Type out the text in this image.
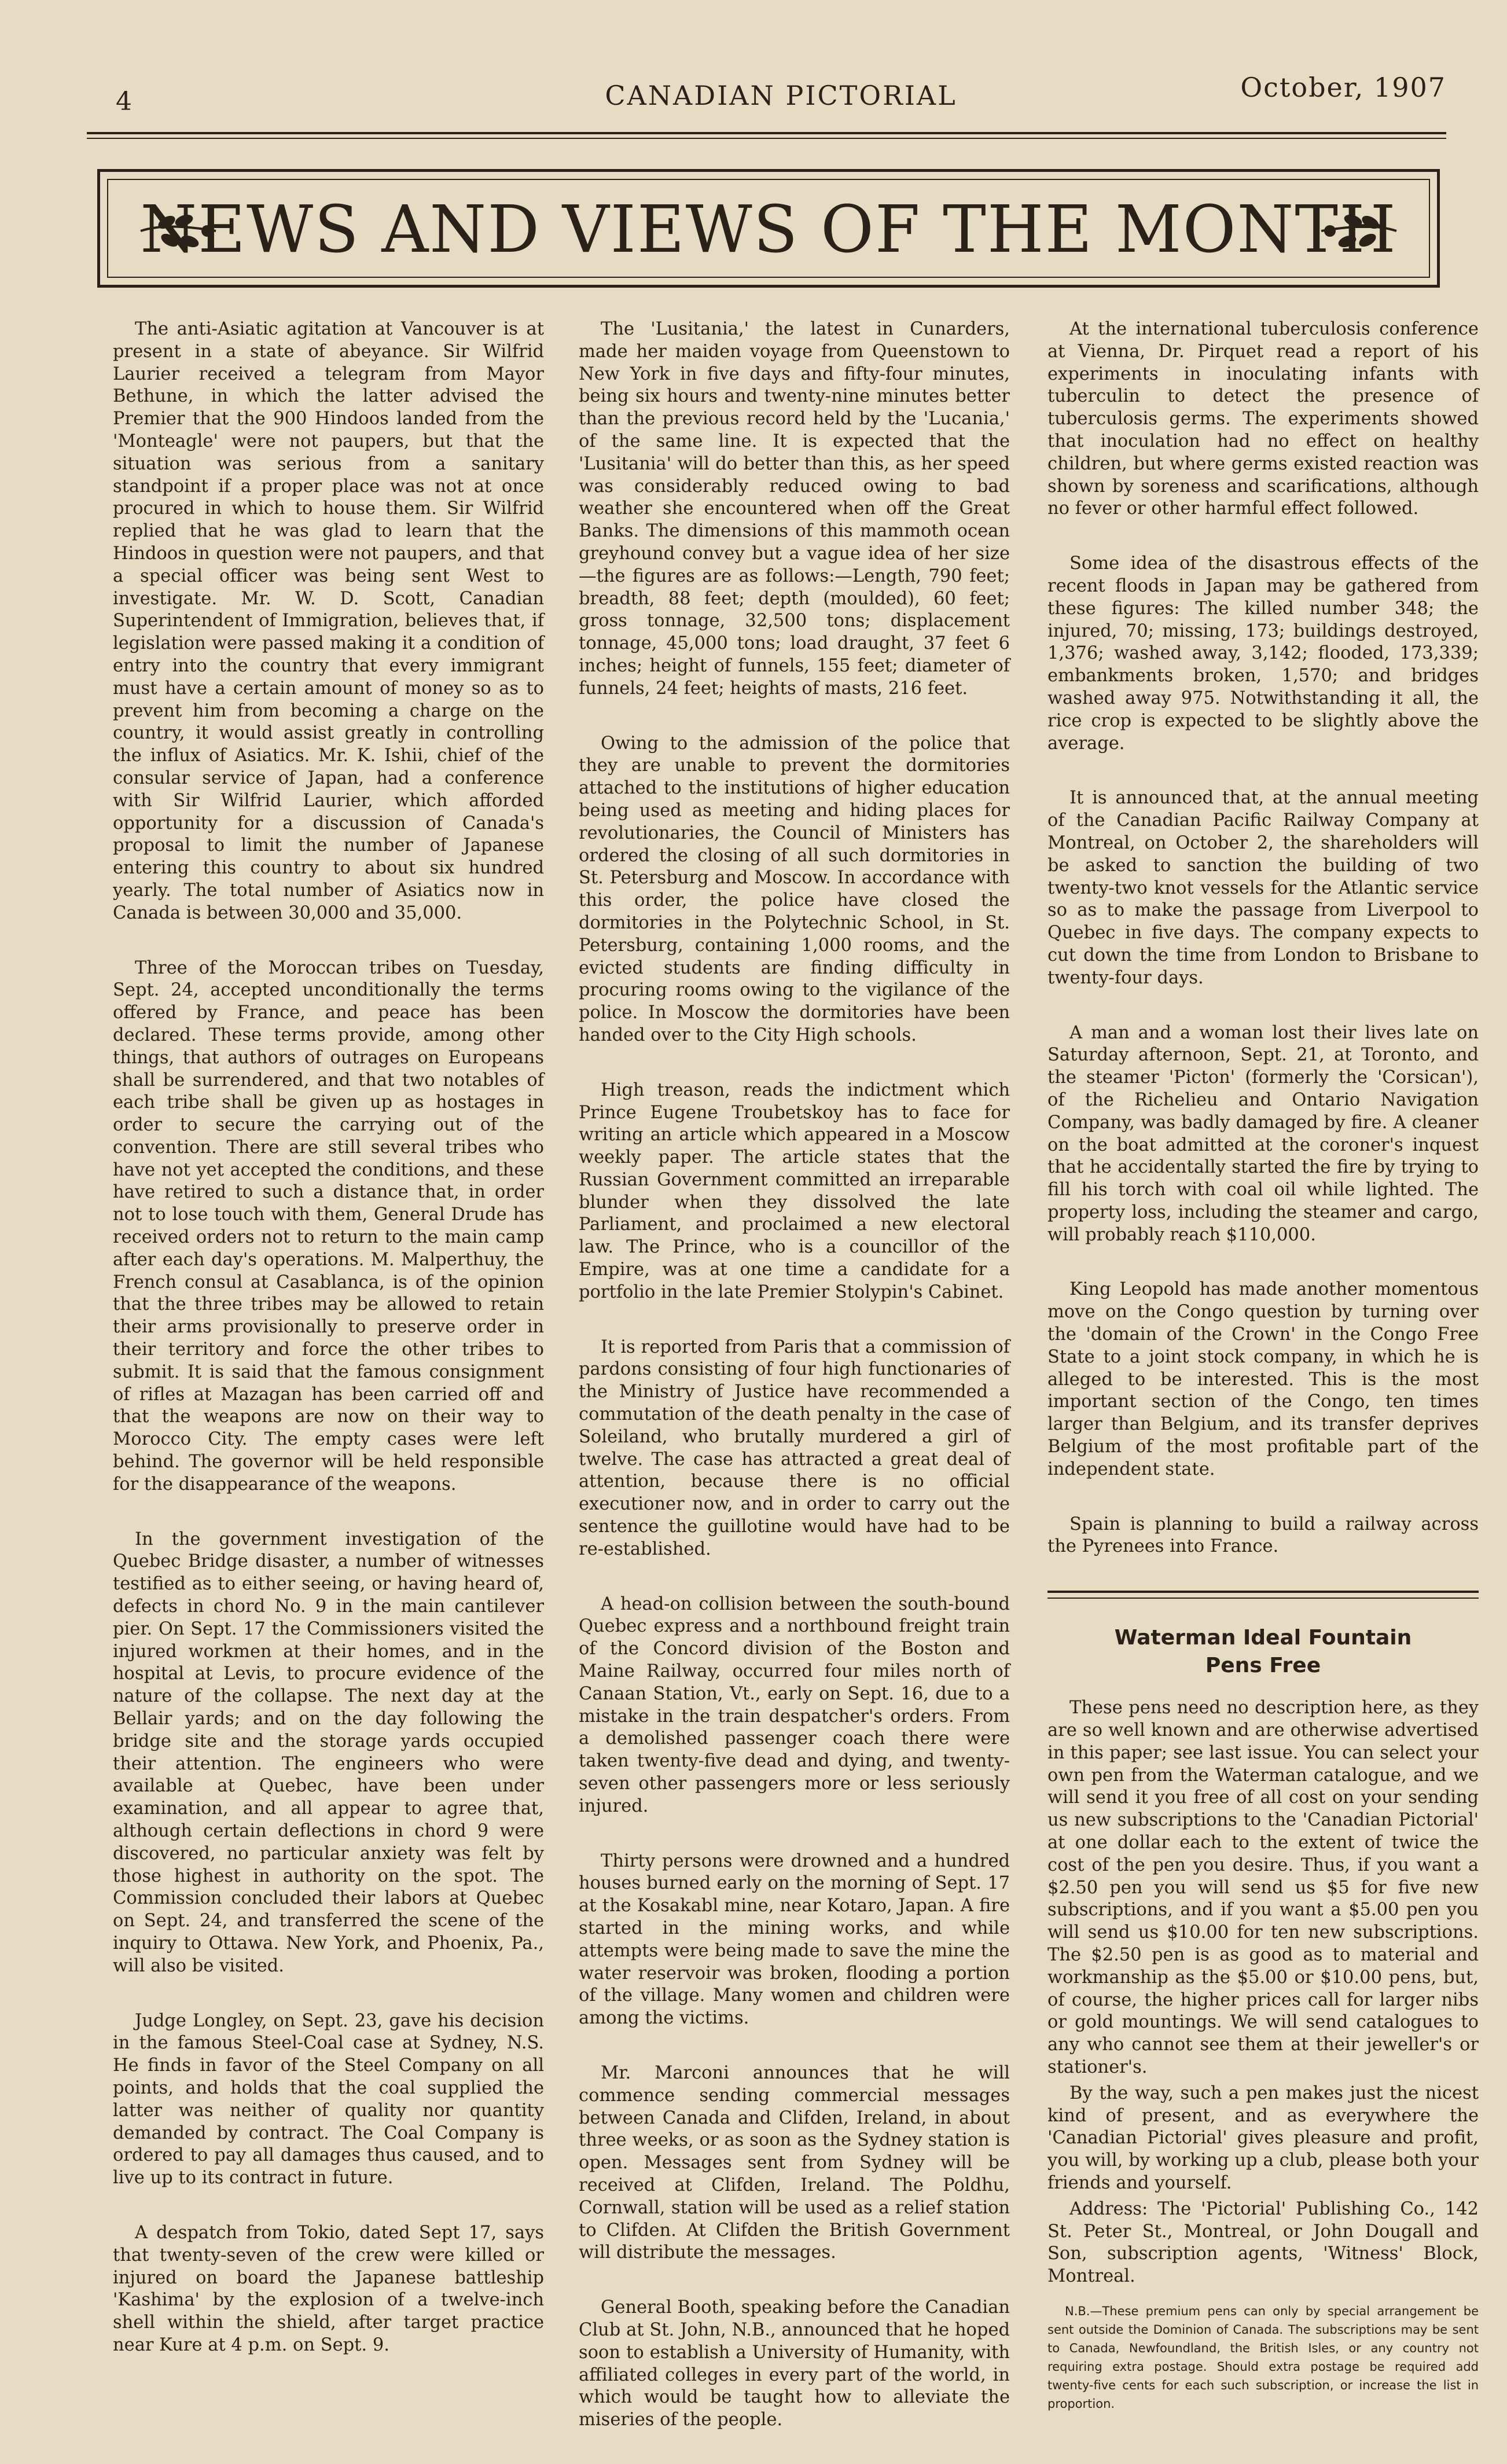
4	CANADIAN PICTORIAL	October, 1907
NEWS AND VIEWS OF THE MONTH

The anti-Asiatic agitation at Vancouver is at present in a state of abeyance. Sir Wilfrid Laurier received a telegram from Mayor Bethune, in which the latter advised the Premier that the 900 Hindoos landed from the 'Monteagle' were not paupers, but that the situation was serious from a sanitary standpoint if a proper place was not at once procured in which to house them. Sir Wilfrid replied that he was glad to learn that the Hindoos in question were not paupers, and that a special officer was being sent West to investigate. Mr. W. D. Scott, Canadian Superintendent of Immigration, believes that, if legislation were passed making it a condition of entry into the country that every immigrant must have a certain amount of money so as to prevent him from becoming a charge on the country, it would assist greatly in controlling the influx of Asiatics. Mr. K. Ishii, chief of the consular service of Japan, had a conference with Sir Wilfrid Laurier, which afforded opportunity for a discussion of Canada's proposal to limit the number of Japanese entering this country to about six hundred yearly. The total number of Asiatics now in Canada is between 30,000 and 35,000.

Three of the Moroccan tribes on Tuesday, Sept. 24, accepted unconditionally the terms offered by France, and peace has been declared. These terms provide, among other things, that authors of outrages on Europeans shall be surrendered, and that two notables of each tribe shall be given up as hostages in order to secure the carrying out of the convention. There are still several tribes who have not yet accepted the conditions, and these have retired to such a distance that, in order not to lose touch with them, General Drude has received orders not to return to the main camp after each day's operations. M. Malperthuy, the French consul at Casablanca, is of the opinion that the three tribes may be allowed to retain their arms provisionally to preserve order in their territory and force the other tribes to submit. It is said that the famous consignment of rifles at Mazagan has been carried off and that the weapons are now on their way to Morocco City. The empty cases were left behind. The governor will be held responsible for the disappearance of the weapons.

In the government investigation of the Quebec Bridge disaster, a number of witnesses testified as to either seeing, or having heard of, defects in chord No. 9 in the main cantilever pier. On Sept. 17 the Commissioners visited the injured workmen at their homes, and in the hospital at Levis, to procure evidence of the nature of the collapse. The next day at the Bellair yards; and on the day following the bridge site and the storage yards occupied their attention. The engineers who were available at Quebec, have been under examination, and all appear to agree that, although certain deflections in chord 9 were discovered, no particular anxiety was felt by those highest in authority on the spot. The Commission concluded their labors at Quebec on Sept. 24, and transferred the scene of the inquiry to Ottawa. New York, and Phoenix, Pa., will also be visited.

Judge Longley, on Sept. 23, gave his decision in the famous Steel-Coal case at Sydney, N.S. He finds in favor of the Steel Company on all points, and holds that the coal supplied the latter was neither of quality nor quantity demanded by contract. The Coal Company is ordered to pay all damages thus caused, and to live up to its contract in future.

A despatch from Tokio, dated Sept 17, says that twenty-seven of the crew were killed or injured on board the Japanese battleship 'Kashima' by the explosion of a twelve-inch shell within the shield, after target practice near Kure at 4 p.m. on Sept. 9.

The 'Lusitania,' the latest in Cunarders, made her maiden voyage from Queenstown to New York in five days and fifty-four minutes, being six hours and twenty-nine minutes better than the previous record held by the 'Lucania,' of the same line. It is expected that the 'Lusitania' will do better than this, as her speed was considerably reduced owing to bad weather she encountered when off the Great Banks. The dimensions of this mammoth ocean greyhound convey but a vague idea of her size—the figures are as follows:—Length, 790 feet; breadth, 88 feet; depth (moulded), 60 feet; gross tonnage, 32,500 tons; displacement tonnage, 45,000 tons; load draught, 37 feet 6 inches; height of funnels, 155 feet; diameter of funnels, 24 feet; heights of masts, 216 feet.

Owing to the admission of the police that they are unable to prevent the dormitories attached to the institutions of higher education being used as meeting and hiding places for revolutionaries, the Council of Ministers has ordered the closing of all such dormitories in St. Petersburg and Moscow. In accordance with this order, the police have closed the dormitories in the Polytechnic School, in St. Petersburg, containing 1,000 rooms, and the evicted students are finding difficulty in procuring rooms owing to the vigilance of the police. In Moscow the dormitories have been handed over to the City High schools.

High treason, reads the indictment which Prince Eugene Troubetskoy has to face for writing an article which appeared in a Moscow weekly paper. The article states that the Russian Government committed an irreparable blunder when they dissolved the late Parliament, and proclaimed a new electoral law. The Prince, who is a councillor of the Empire, was at one time a candidate for a portfolio in the late Premier Stolypin's Cabinet.

It is reported from Paris that a commission of pardons consisting of four high functionaries of the Ministry of Justice have recommended a commutation of the death penalty in the case of Soleiland, who brutally murdered a girl of twelve. The case has attracted a great deal of attention, because there is no official executioner now, and in order to carry out the sentence the guillotine would have had to be re-established.

A head-on collision between the south-bound Quebec express and a northbound freight train of the Concord division of the Boston and Maine Railway, occurred four miles north of Canaan Station, Vt., early on Sept. 16, due to a mistake in the train despatcher's orders. From a demolished passenger coach there were taken twenty-five dead and dying, and twenty-seven other passengers more or less seriously injured.

Thirty persons were drowned and a hundred houses burned early on the morning of Sept. 17 at the Kosakabl mine, near Kotaro, Japan. A fire started in the mining works, and while attempts were being made to save the mine the water reservoir was broken, flooding a portion of the village. Many women and children were among the victims.

Mr. Marconi announces that he will commence sending commercial messages between Canada and Clifden, Ireland, in about three weeks, or as soon as the Sydney station is open. Messages sent from Sydney will be received at Clifden, Ireland. The Poldhu, Cornwall, station will be used as a relief station to Clifden. At Clifden the British Government will distribute the messages.

General Booth, speaking before the Canadian Club at St. John, N.B., announced that he hoped soon to establish a University of Humanity, with affiliated colleges in every part of the world, in which would be taught how to alleviate the miseries of the people.

At the international tuberculosis conference at Vienna, Dr. Pirquet read a report of his experiments in inoculating infants with tuberculin to detect the presence of tuberculosis germs. The experiments showed that inoculation had no effect on healthy children, but where germs existed reaction was shown by soreness and scarifications, although no fever or other harmful effect followed.

Some idea of the disastrous effects of the recent floods in Japan may be gathered from these figures: The killed number 348; the injured, 70; missing, 173; buildings destroyed, 1,376; washed away, 3,142; flooded, 173,339; embankments broken, 1,570; and bridges washed away 975. Notwithstanding it all, the rice crop is expected to be slightly above the average.

It is announced that, at the annual meeting of the Canadian Pacific Railway Company at Montreal, on October 2, the shareholders will be asked to sanction the building of two twenty-two knot vessels for the Atlantic service so as to make the passage from Liverpool to Quebec in five days. The company expects to cut down the time from London to Brisbane to twenty-four days.

A man and a woman lost their lives late on Saturday afternoon, Sept. 21, at Toronto, and the steamer 'Picton' (formerly the 'Corsican'), of the Richelieu and Ontario Navigation Company, was badly damaged by fire. A cleaner on the boat admitted at the coroner's inquest that he accidentally started the fire by trying to fill his torch with coal oil while lighted. The property loss, including the steamer and cargo, will probably reach $110,000.

King Leopold has made another momentous move on the Congo question by turning over the 'domain of the Crown' in the Congo Free State to a joint stock company, in which he is alleged to be interested. This is the most important section of the Congo, ten times larger than Belgium, and its transfer deprives Belgium of the most profitable part of the independent state.

Spain is planning to build a railway across the Pyrenees into France.

Waterman Ideal Fountain
Pens Free

These pens need no description here, as they are so well known and are otherwise advertised in this paper; see last issue. You can select your own pen from the Waterman catalogue, and we will send it you free of all cost on your sending us new subscriptions to the 'Canadian Pictorial' at one dollar each to the extent of twice the cost of the pen you desire. Thus, if you want a $2.50 pen you will send us $5 for five new subscriptions, and if you want a $5.00 pen you will send us $10.00 for ten new subscriptions. The $2.50 pen is as good as to material and workmanship as the $5.00 or $10.00 pens, but, of course, the higher prices call for larger nibs or gold mountings. We will send catalogues to any who cannot see them at their jeweller's or stationer's.

By the way, such a pen makes just the nicest kind of present, and as everywhere the 'Canadian Pictorial' gives pleasure and profit, you will, by working up a club, please both your friends and yourself.

Address: The 'Pictorial' Publishing Co., 142 St. Peter St., Montreal, or John Dougall and Son, subscription agents, 'Witness' Block, Montreal.

N.B.—These premium pens can only by special arrangement be sent outside the Dominion of Canada. The subscriptions may be sent to Canada, Newfoundland, the British Isles, or any country not requiring extra postage. Should extra postage be required add twenty-five cents for each such subscription, or increase the list in proportion.
